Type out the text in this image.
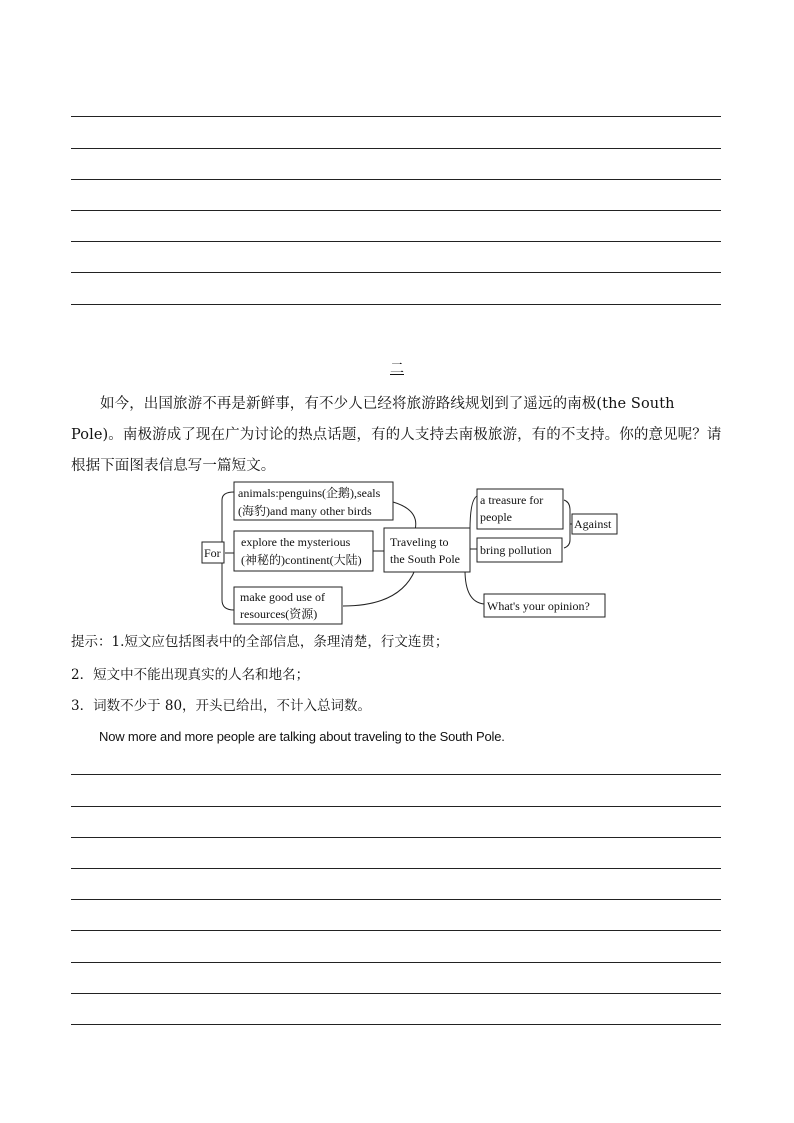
二
如今，出国旅游不再是新鲜事，有不少人已经将旅游路线规划到了遥远的南极(the South Pole)。南极游成了现在广为讨论的热点话题，有的人支持去南极旅游，有的不支持。你的意见呢？请根据下面图表信息写一篇短文。
For
animals:penguins(企鹅),seals
(海豹)and many other birds
explore the mysterious
(神秘的)continent(大陆)
make good use of
resources(资源)
Traveling to
the South Pole
a treasure for
people
bring pollution
Against
What's your opinion?
提示：1.短文应包括图表中的全部信息，条理清楚，行文连贯；
2．短文中不能出现真实的人名和地名；
3．词数不少于 80，开头已给出，不计入总词数。
Now more and more people are talking about traveling to the South Pole.
